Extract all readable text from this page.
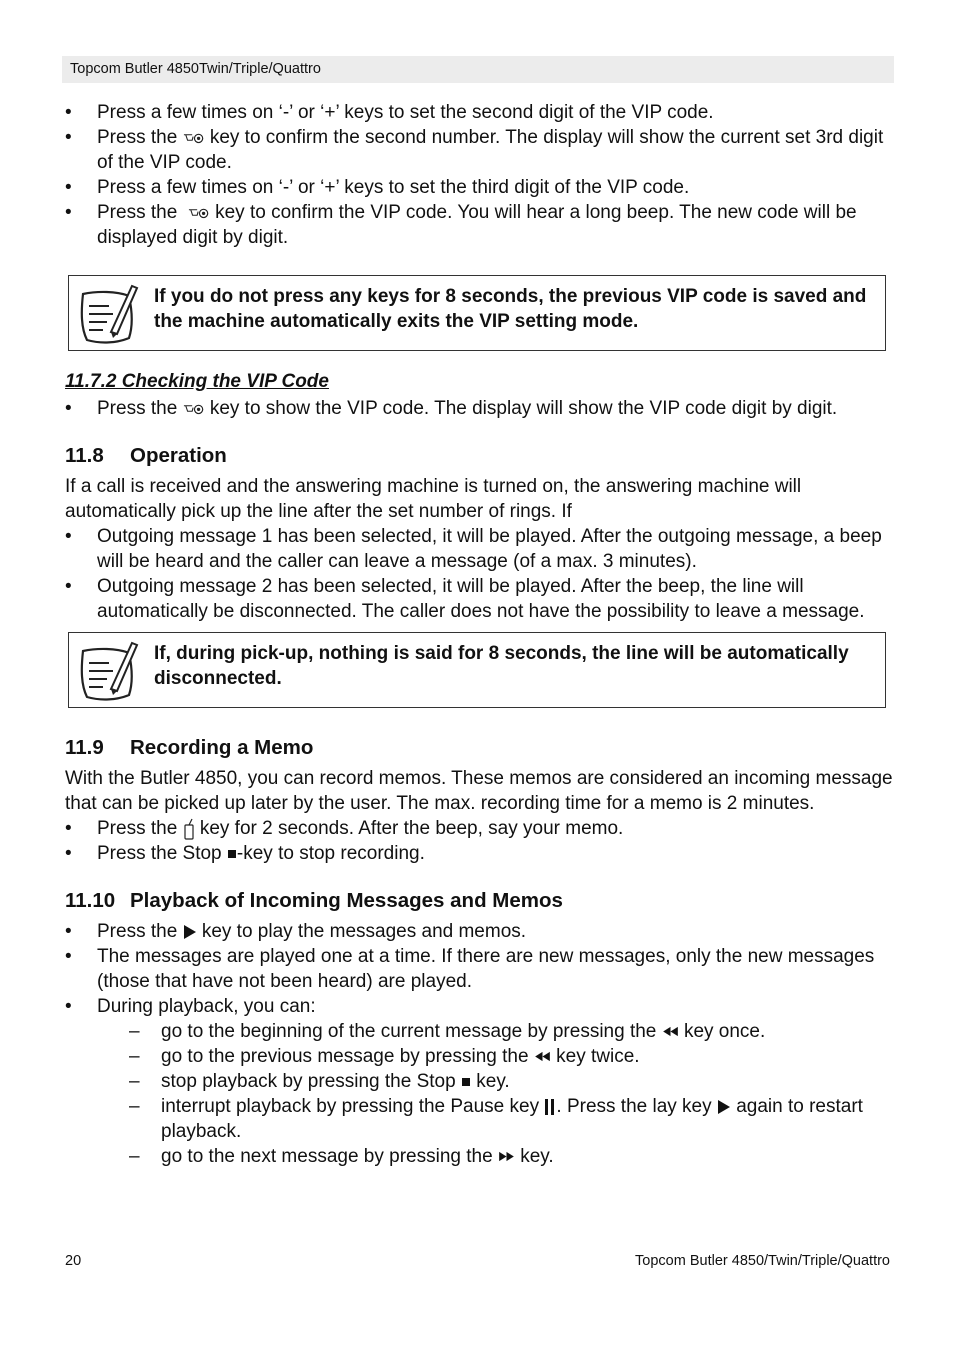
Topcom Butler 4850Twin/Triple/Quattro
• Press a few times on ‘-’ or ‘+’ keys to set the second digit of the VIP code.
• Press the key to confirm the second number. The display will show the current set 3rd digit of the VIP code.
• Press a few times on ‘-’ or ‘+’ keys to set the third digit of the VIP code.
• Press the key to confirm the VIP code. You will hear a long beep. The new code will be displayed digit by digit.
If you do not press any keys for 8 seconds, the previous VIP code is saved and the machine automatically exits the VIP setting mode.
11.7.2 Checking the VIP Code
• Press the key to show the VIP code. The display will show the VIP code digit by digit.
11.8 Operation

If a call is received and the answering machine is turned on, the answering machine will automatically pick up the line after the set number of rings. If

• Outgoing message 1 has been selected, it will be played. After the outgoing message, a beep will be heard and the caller can leave a message (of a max. 3 minutes).
• Outgoing message 2 has been selected, it will be played. After the beep, the line will automatically be disconnected. The caller does not have the possibility to leave a message.
If, during pick-up, nothing is said for 8 seconds, the line will be automatically disconnected.
11.9 Recording a Memo

With the Butler 4850, you can record memos. These memos are considered an incoming message that can be picked up later by the user. The max. recording time for a memo is 2 minutes.

• Press the key for 2 seconds. After the beep, say your memo.
• Press the Stop -key to stop recording.
11.10 Playback of Incoming Messages and Memos
• Press the key to play the messages and memos.
• The messages are played one at a time. If there are new messages, only the new messages (those that have not been heard) are played.
• During playback, you can:
– go to the beginning of the current message by pressing the key once.
– go to the previous message by pressing the key twice.
– stop playback by pressing the Stop key.
– interrupt playback by pressing the Pause key . Press the lay key again to restart playback.
– go to the next message by pressing the key.
20	Topcom Butler 4850/Twin/Triple/Quattro
